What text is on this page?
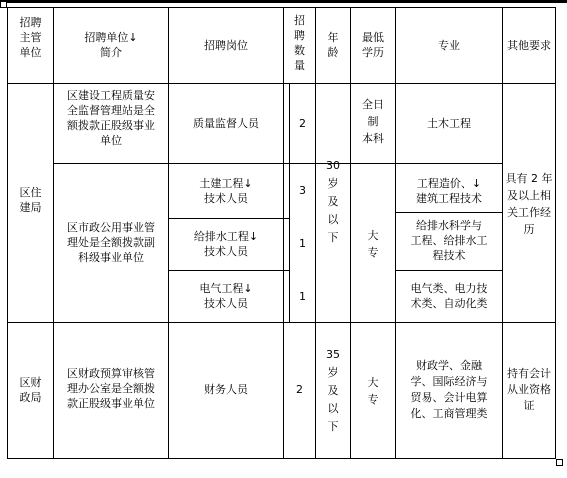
招聘
主管
单位
招聘单位↓
简介
招聘岗位
招
聘
数
量
年
龄
最低
学历
专业	其他要求
区住
建局
区财
政局
区建设工程质量安
全监督管理站是全
额拨款正股级事业
单位
区市政公用事业管
理处是全额拨款副
科级事业单位
区财政预算审核管
理办公室是全额拨
款正股级事业单位
质量监督人员
土建工程↓
技术人员
给排水工程↓
技术人员
电气工程↓
技术人员
财务人员
2
3
1
1
2
30
岁
及
以
下
35
岁
及
以
下
全日
制
本科
大
专
大
专
土木工程
工程造价、↓
建筑工程技术
给排水科学与
工程、给排水工
程技术
电气类、电力技
术类、自动化类
财政学、金融
学、国际经济与
贸易、会计电算
化、工商管理类
具有 2 年
及以上相
关工作经
历
持有会计
从业资格
证
